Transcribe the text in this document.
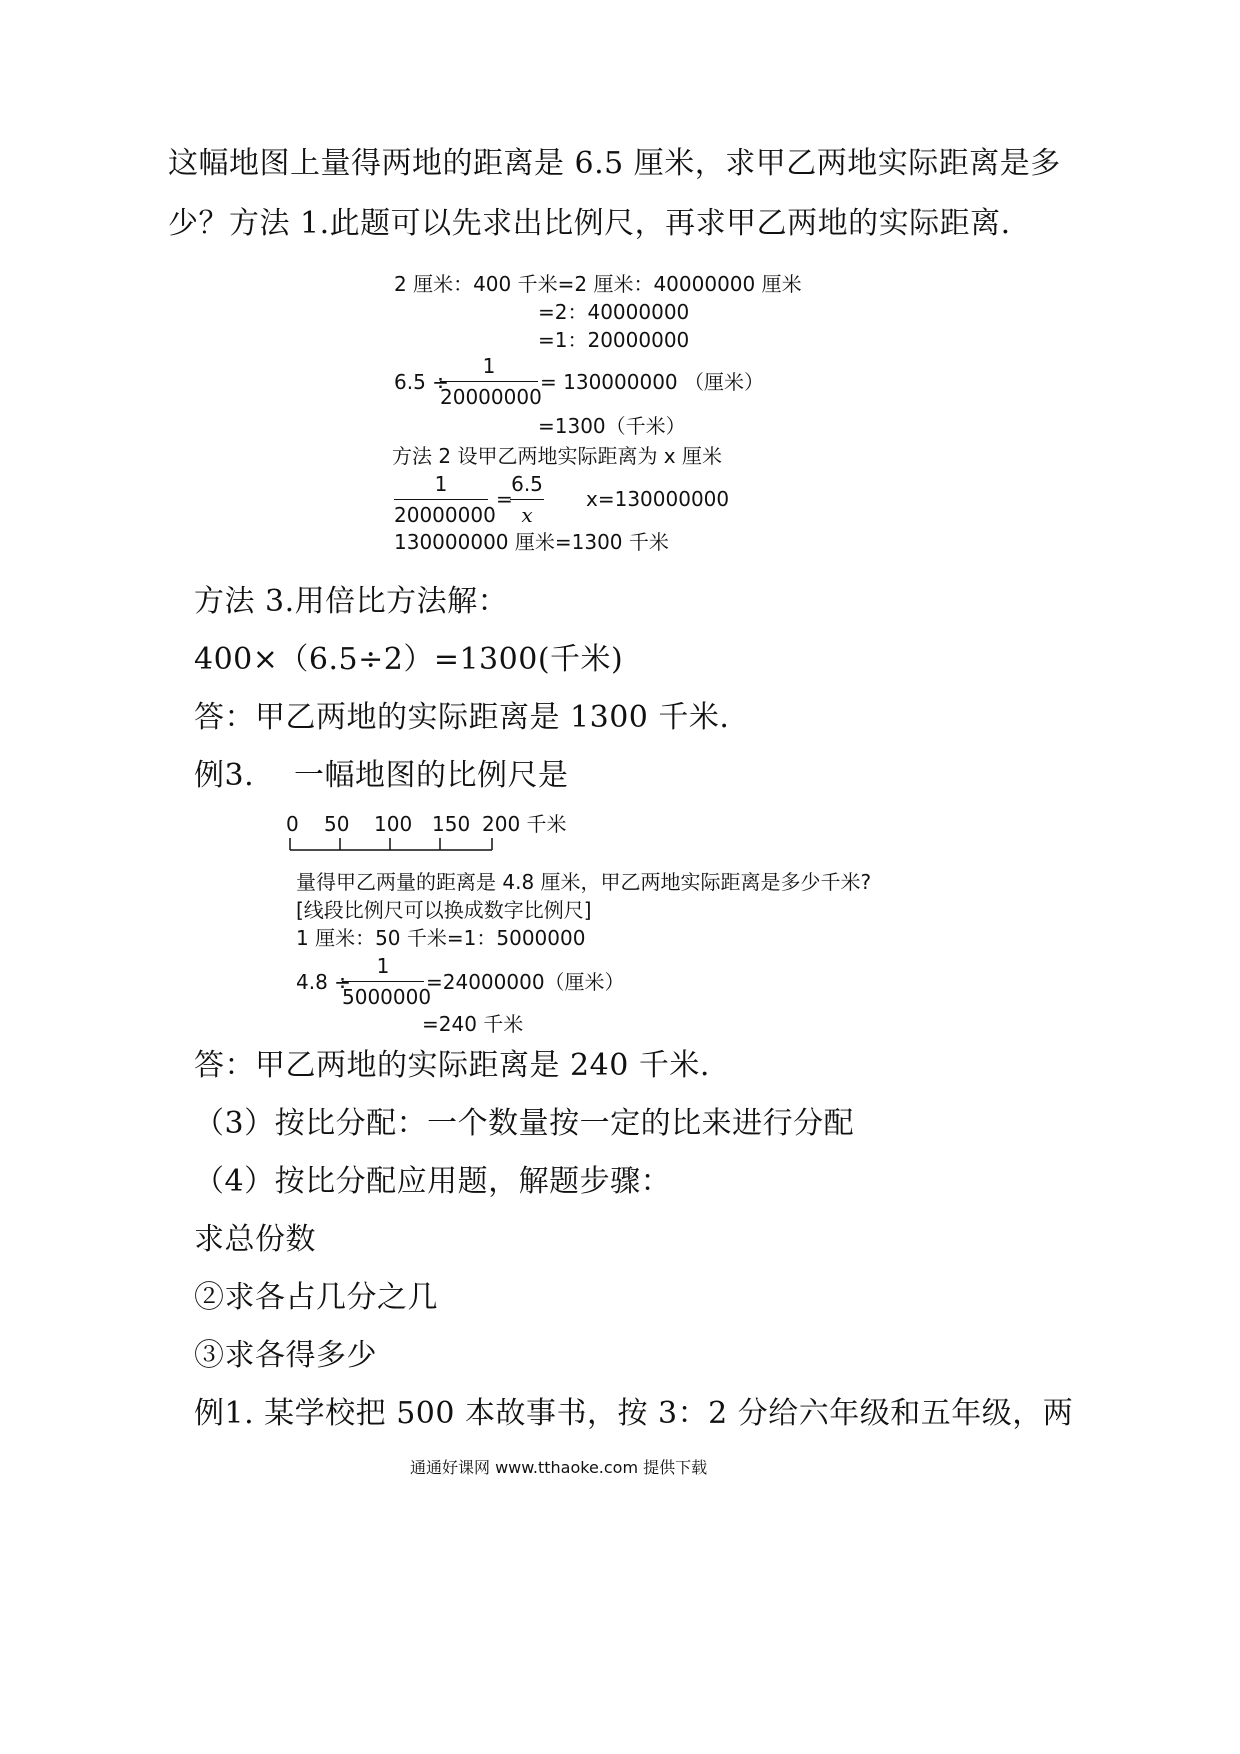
这幅地图上量得两地的距离是 6.5 厘米，求甲乙两地实际距离是多
少？方法 1.此题可以先求出比例尺，再求甲乙两地的实际距离.
2 厘米：400 千米=2 厘米：40000000 厘米
=2：40000000
=1：20000000
6.5 ÷
1
20000000
= 130000000 （厘米）
=1300（千米）
方法 2 设甲乙两地实际距离为 x 厘米
1
20000000
=
6.5
x
x=130000000
130000000 厘米=1300 千米
方法 3.用倍比方法解：
400×（6.5÷2）=1300(千米)
答：甲乙两地的实际距离是 1300 千米.
例3. 一幅地图的比例尺是
0 50 100 150 200 千米
量得甲乙两量的距离是 4.8 厘米，甲乙两地实际距离是多少千米?
[线段比例尺可以换成数字比例尺]
1 厘米：50 千米=1：5000000
4.8 ÷
1
5000000
=24000000（厘米）
=240 千米
答：甲乙两地的实际距离是 240 千米.
（3）按比分配：一个数量按一定的比来进行分配
（4）按比分配应用题，解题步骤：
求总份数
②求各占几分之几
③求各得多少
例1. 某学校把 500 本故事书，按 3：2 分给六年级和五年级，两
通通好课网 www.tthaoke.com 提供下载
